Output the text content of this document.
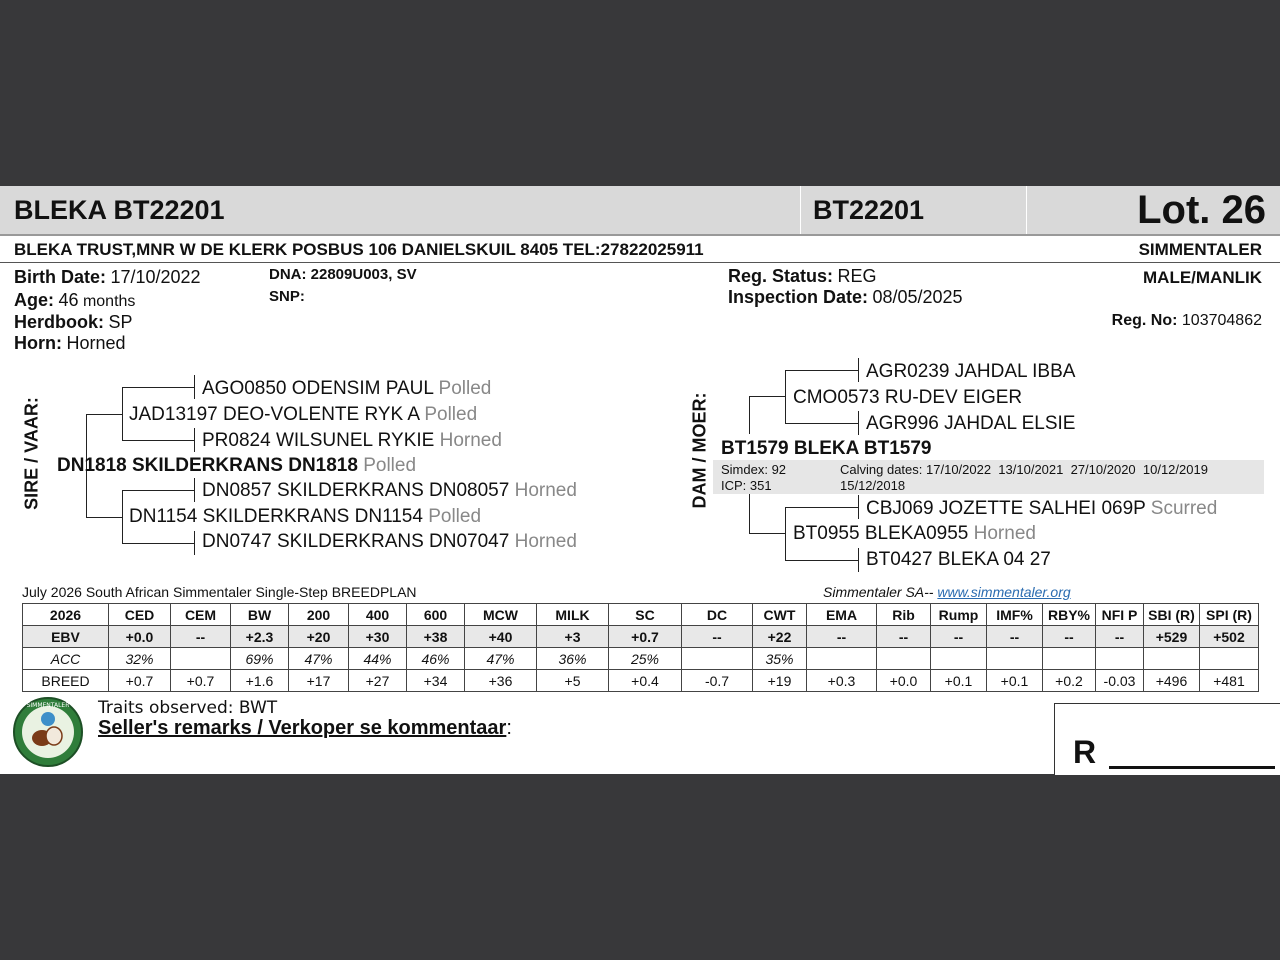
BLEKA BT22201	BT22201	Lot. 26
BLEKA TRUST,MNR W DE KLERK POSBUS 106 DANIELSKUIL 8405 TEL:27822025911	SIMMENTALER
Birth Date: 17/10/2022
Age: 46 months
Herdbook: SP
Horn: Horned
DNA: 22809U003, SV
SNP:
Reg. Status: REG
Inspection Date: 08/05/2025
MALE/MANLIK
Reg. No: 103704862
SIRE / VAAR:
AGO0850 ODENSIM PAUL Polled
JAD13197 DEO-VOLENTE RYK A Polled
PR0824 WILSUNEL RYKIE Horned
DN1818 SKILDERKRANS DN1818 Polled
DN0857 SKILDERKRANS DN08057 Horned
DN1154 SKILDERKRANS DN1154 Polled
DN0747 SKILDERKRANS DN07047 Horned
DAM / MOER:
AGR0239 JAHDAL IBBA
CMO0573 RU-DEV EIGER
AGR996 JAHDAL ELSIE
BT1579 BLEKA BT1579
Simdex: 92
ICP: 351
Calving dates: 17/10/2022  13/10/2021  27/10/2020  10/12/2019
15/12/2018
CBJ069 JOZETTE SALHEI 069P Scurred
BT0955 BLEKA0955 Horned
BT0427 BLEKA 04 27
July 2026 South African Simmentaler Single-Step BREEDPLAN	Simmentaler SA-- www.simmentaler.org
2026	CED	CEM	BW	200	400	600	MCW	MILK	SC	DC	CWT	EMA	Rib	Rump	IMF%	RBY%	NFI P	SBI (R)	SPI (R)
EBV	+0.0	--	+2.3	+20	+30	+38	+40	+3	+0.7	--	+22	--	--	--	--	--	--	+529	+502
ACC	32%		69%	47%	44%	46%	47%	36%	25%		35%								
BREED	+0.7	+0.7	+1.6	+17	+27	+34	+36	+5	+0.4	-0.7	+19	+0.3	+0.0	+0.1	+0.1	+0.2	-0.03	+496	+481
SIMMENTALER Traits observed: BWT
Seller's remarks / Verkoper se kommentaar:
R
